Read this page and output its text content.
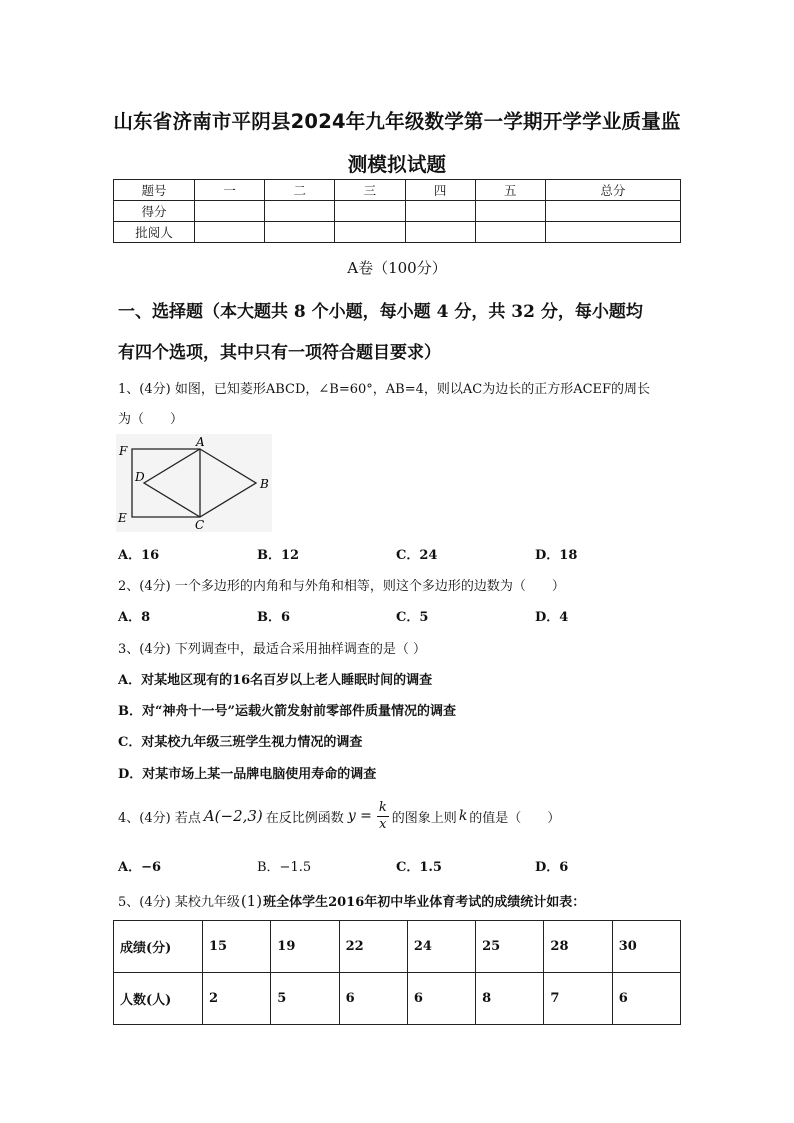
山东省济南市平阴县2024年九年级数学第一学期开学学业质量监
测模拟试题
题号	一	二	三	四	五	总分
得分						
批阅人						
A卷（100分）
一、选择题（本大题共 8 个小题，每小题 4 分，共 32 分，每小题均
有四个选项，其中只有一项符合题目要求）
1、(4分) 如图，已知菱形ABCD，∠B=60°，AB=4，则以AC为边长的正方形ACEF的周长
为（　　）
A
F
D	B
E	C
A．16	B．12	C．24	D．18
2、(4分) 一个多边形的内角和与外角和相等，则这个多边形的边数为（　　）
A．8	B．6	C．5	D．4
3、(4分) 下列调查中，最适合采用抽样调查的是（ ）
A．对某地区现有的16名百岁以上老人睡眠时间的调查
B．对“神舟十一号”运载火箭发射前零部件质量情况的调查
C．对某校九年级三班学生视力情况的调查
D．对某市场上某一品牌电脑使用寿命的调查
4、(4分) 若点 A(−2,3) 在反比例函数 $y = \frac{k}{x}$ 的图象上则 k 的值是（　　）
A．−6	B．−1.5	C．1.5	D．6
5、(4分) 某校九年级(1)班全体学生2016年初中毕业体育考试的成绩统计如表：
成绩(分)	15	19	22	24	25	28	30
人数(人)	2	5	6	6	8	7	6
